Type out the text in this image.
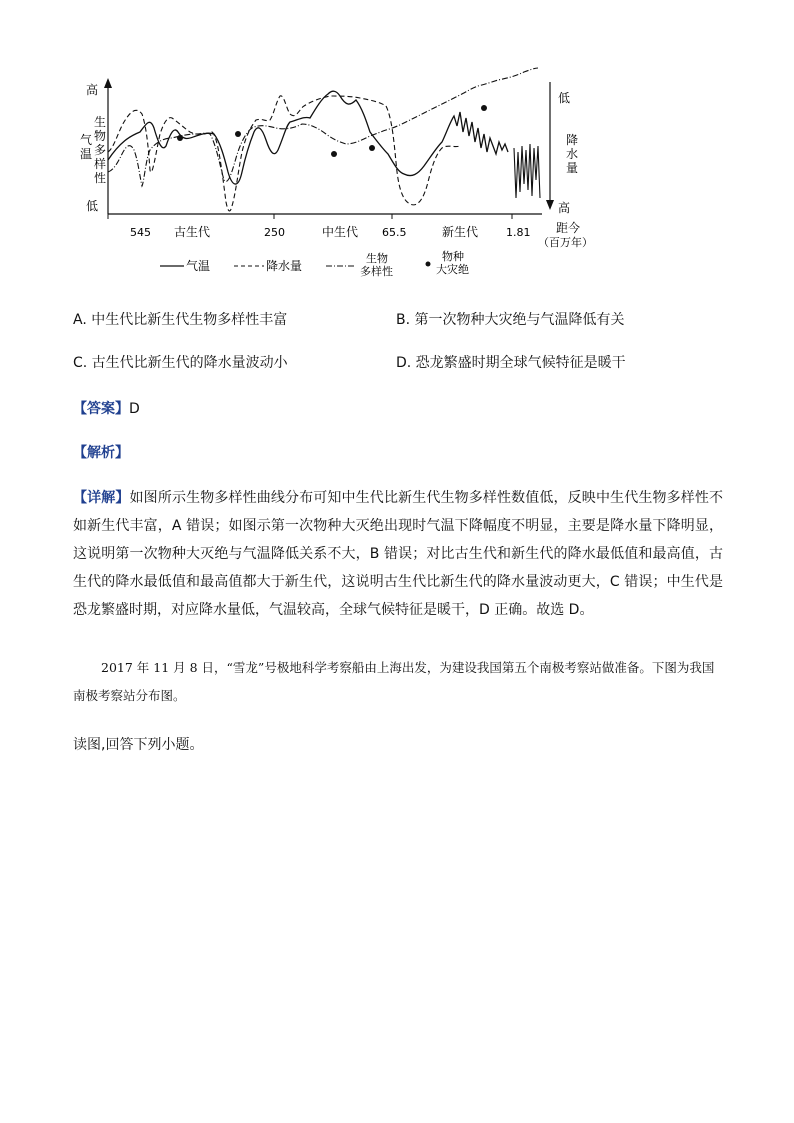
高
低
气
温
生
物
多
样
性
低
降
水
量
高
545 古生代	250	中生代 65.5	新生代	1.81 距今
（百万年）
气温	降水量
生物
多样性
物种
大灾绝
A. 中生代比新生代生物多样性丰富	B. 第一次物种大灾绝与气温降低有关
C. 古生代比新生代的降水量波动小	D. 恐龙繁盛时期全球气候特征是暖干
【答案】D
【解析】
【详解】如图所示生物多样性曲线分布可知中生代比新生代生物多样性数值低，反映中生代生物多样性不如新生代丰富，A 错误；如图示第一次物种大灭绝出现时气温下降幅度不明显，主要是降水量下降明显，这说明第一次物种大灭绝与气温降低关系不大，B 错误；对比古生代和新生代的降水最低值和最高值，古生代的降水最低值和最高值都大于新生代，这说明古生代比新生代的降水量波动更大，C 错误；中生代是恐龙繁盛时期，对应降水量低，气温较高，全球气候特征是暖干，D 正确。故选 D。
2017 年 11 月 8 日，“雪龙”号极地科学考察船由上海出发，为建设我国第五个南极考察站做准备。下图为我国南极考察站分布图。
读图,回答下列小题。
